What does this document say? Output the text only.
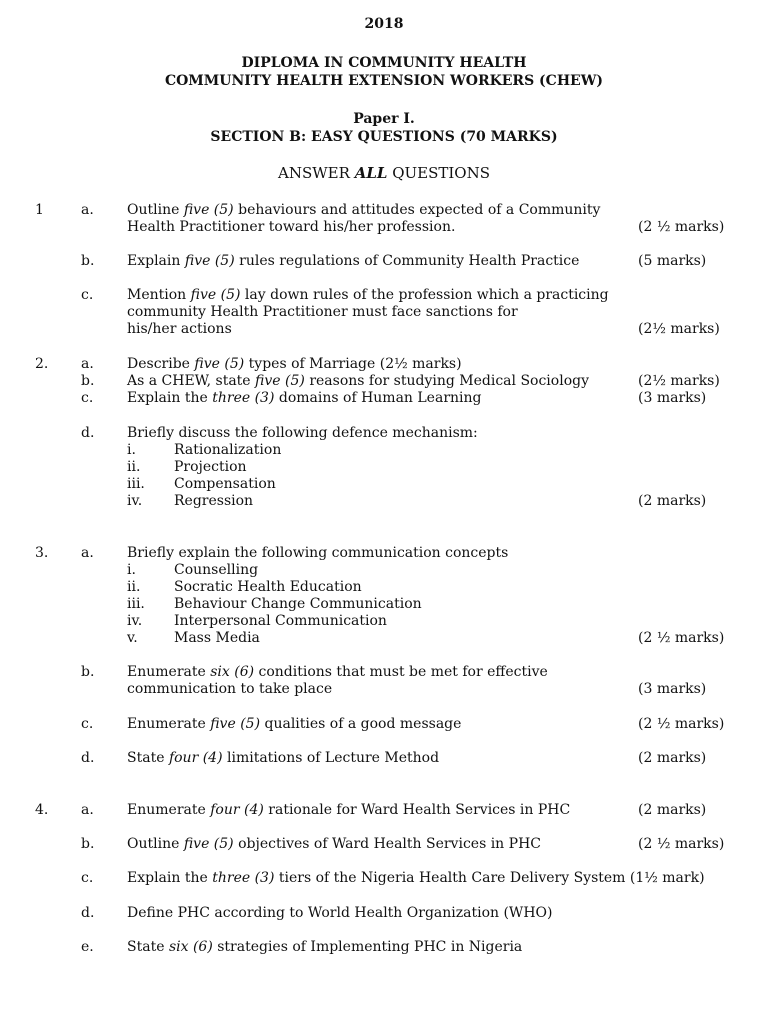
2018
DIPLOMA IN COMMUNITY HEALTH
COMMUNITY HEALTH EXTENSION WORKERS (CHEW)
Paper I.
SECTION B: EASY QUESTIONS (70 MARKS)
ANSWER ALL QUESTIONS
1	a. Outline five (5) behaviours and attitudes expected of a Community
Health Practitioner toward his/her profession.	(2 ½ marks)
b. Explain five (5) rules regulations of Community Health Practice	(5 marks)
c. Mention five (5) lay down rules of the profession which a practicing
community Health Practitioner must face sanctions for
his/her actions	(2½ marks)
2. a. Describe five (5) types of Marriage (2½ marks)
b. As a CHEW, state five (5) reasons for studying Medical Sociology	(2½ marks)
c. Explain the three (3) domains of Human Learning	(3 marks)
d. Briefly discuss the following defence mechanism:
i.	Rationalization
ii. Projection
iii. Compensation
iv. Regression	(2 marks)
3. a. Briefly explain the following communication concepts
i.	Counselling
ii. Socratic Health Education
iii. Behaviour Change Communication
iv. Interpersonal Communication
v.	Mass Media	(2 ½ marks)
b. Enumerate six (6) conditions that must be met for effective
communication to take place	(3 marks)
c. Enumerate five (5) qualities of a good message	(2 ½ marks)
d. State four (4) limitations of Lecture Method	(2 marks)
4. a. Enumerate four (4) rationale for Ward Health Services in PHC	(2 marks)
b. Outline five (5) objectives of Ward Health Services in PHC	(2 ½ marks)
c. Explain the three (3) tiers of the Nigeria Health Care Delivery System (1½ mark)
d. Define PHC according to World Health Organization (WHO)
e. State six (6) strategies of Implementing PHC in Nigeria
